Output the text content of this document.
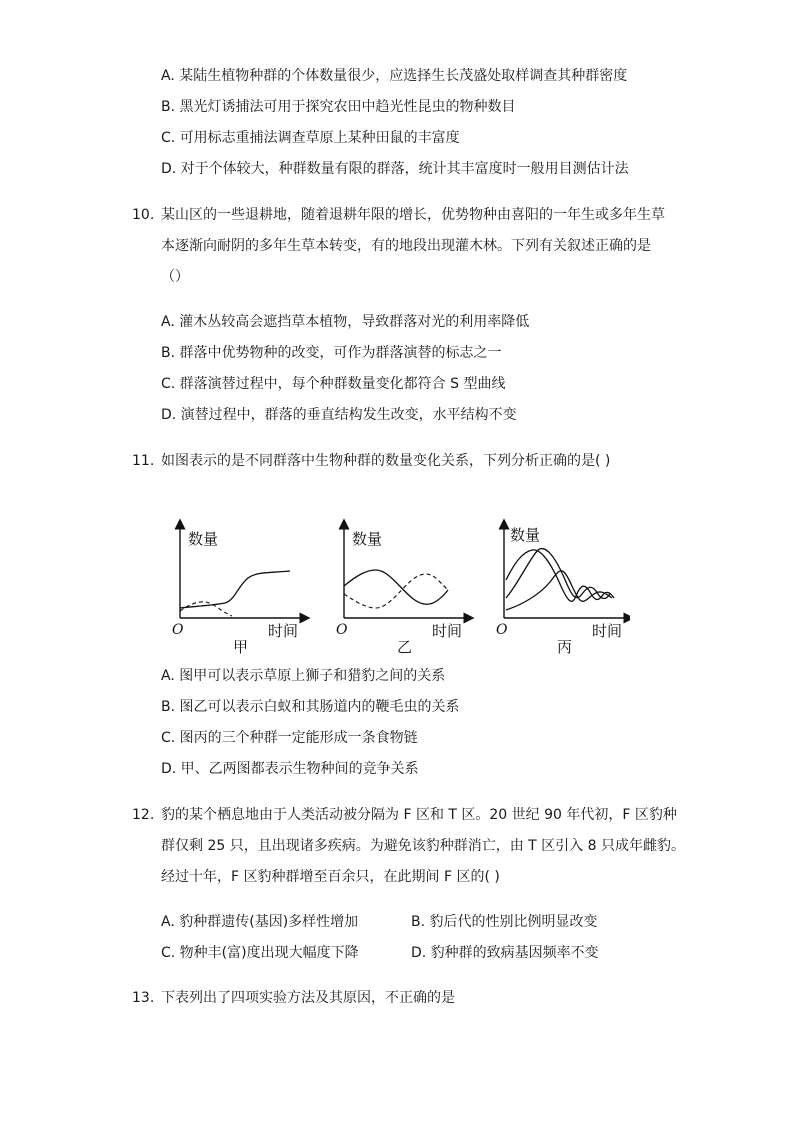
A. 某陆生植物种群的个体数量很少，应选择生长茂盛处取样调查其种群密度
B. 黑光灯诱捕法可用于探究农田中趋光性昆虫的物种数目
C. 可用标志重捕法调查草原上某种田鼠的丰富度
D. 对于个体较大，种群数量有限的群落，统计其丰富度时一般用目测估计法
10. 某山区的一些退耕地，随着退耕年限的增长，优势物种由喜阳的一年生或多年生草
本逐渐向耐阴的多年生草本转变，有的地段出现灌木林。下列有关叙述正确的是
（）
A. 灌木丛较高会遮挡草本植物，导致群落对光的利用率降低
B. 群落中优势物种的改变，可作为群落演替的标志之一
C. 群落演替过程中，每个种群数量变化都符合 S 型曲线
D. 演替过程中，群落的垂直结构发生改变，水平结构不变
11. 如图表示的是不同群落中生物种群的数量变化关系，下列分析正确的是( )
数量
O	时间
甲
数量
O	时间
乙
数量
O	时间
丙
A. 图甲可以表示草原上狮子和猎豹之间的关系
B. 图乙可以表示白蚁和其肠道内的鞭毛虫的关系
C. 图丙的三个种群一定能形成一条食物链
D. 甲、乙两图都表示生物种间的竞争关系
12. 豹的某个栖息地由于人类活动被分隔为 F 区和 T 区。20 世纪 90 年代初，F 区豹种
群仅剩 25 只，且出现诸多疾病。为避免该豹种群消亡，由 T 区引入 8 只成年雌豹。
经过十年，F 区豹种群增至百余只，在此期间 F 区的( )
A. 豹种群遗传(基因)多样性增加	B. 豹后代的性别比例明显改变
C. 物种丰(富)度出现大幅度下降	D. 豹种群的致病基因频率不变
13. 下表列出了四项实验方法及其原因，不正确的是
